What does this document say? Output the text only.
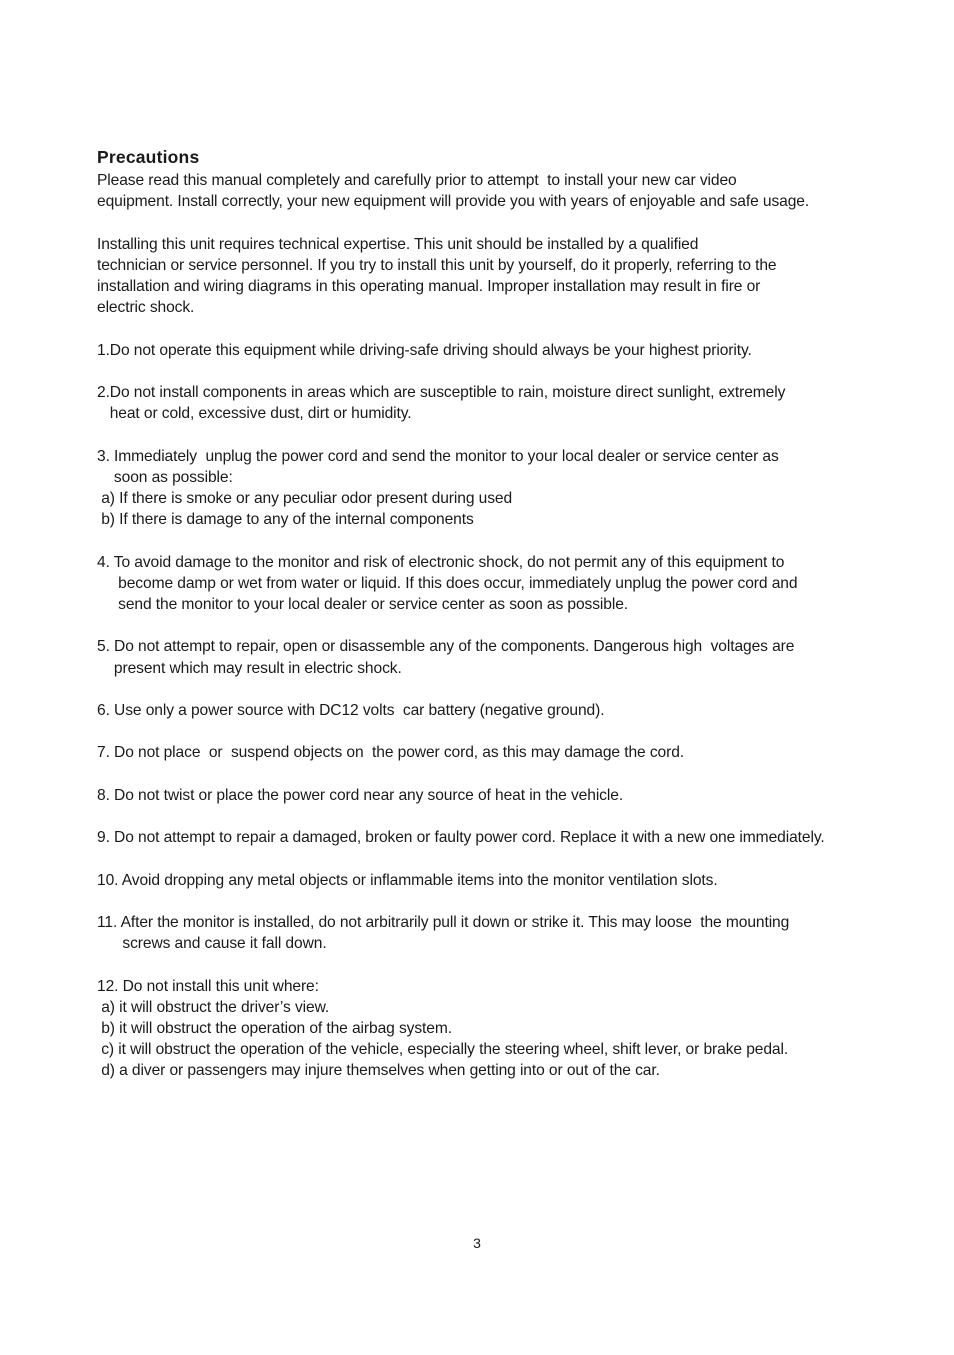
Precautions
Please read this manual completely and carefully prior to attempt  to install your new car video
equipment. Install correctly, your new equipment will provide you with years of enjoyable and safe usage.
Installing this unit requires technical expertise. This unit should be installed by a qualified
technician or service personnel. If you try to install this unit by yourself, do it properly, referring to the
installation and wiring diagrams in this operating manual. Improper installation may result in fire or
electric shock.
1.Do not operate this equipment while driving-safe driving should always be your highest priority.
2.Do not install components in areas which are susceptible to rain, moisture direct sunlight, extremely
heat or cold, excessive dust, dirt or humidity.
3. Immediately  unplug the power cord and send the monitor to your local dealer or service center as
soon as possible:
a) If there is smoke or any peculiar odor present during used
b) If there is damage to any of the internal components
4. To avoid damage to the monitor and risk of electronic shock, do not permit any of this equipment to
become damp or wet from water or liquid. If this does occur, immediately unplug the power cord and
send the monitor to your local dealer or service center as soon as possible.
5. Do not attempt to repair, open or disassemble any of the components. Dangerous high  voltages are
present which may result in electric shock.
6. Use only a power source with DC12 volts  car battery (negative ground).
7. Do not place  or  suspend objects on  the power cord, as this may damage the cord.
8. Do not twist or place the power cord near any source of heat in the vehicle.
9. Do not attempt to repair a damaged, broken or faulty power cord. Replace it with a new one immediately.
10. Avoid dropping any metal objects or inflammable items into the monitor ventilation slots.
11. After the monitor is installed, do not arbitrarily pull it down or strike it. This may loose  the mounting
screws and cause it fall down.
12. Do not install this unit where:
a) it will obstruct the driver’s view.
b) it will obstruct the operation of the airbag system.
c) it will obstruct the operation of the vehicle, especially the steering wheel, shift lever, or brake pedal.
d) a diver or passengers may injure themselves when getting into or out of the car.
3
